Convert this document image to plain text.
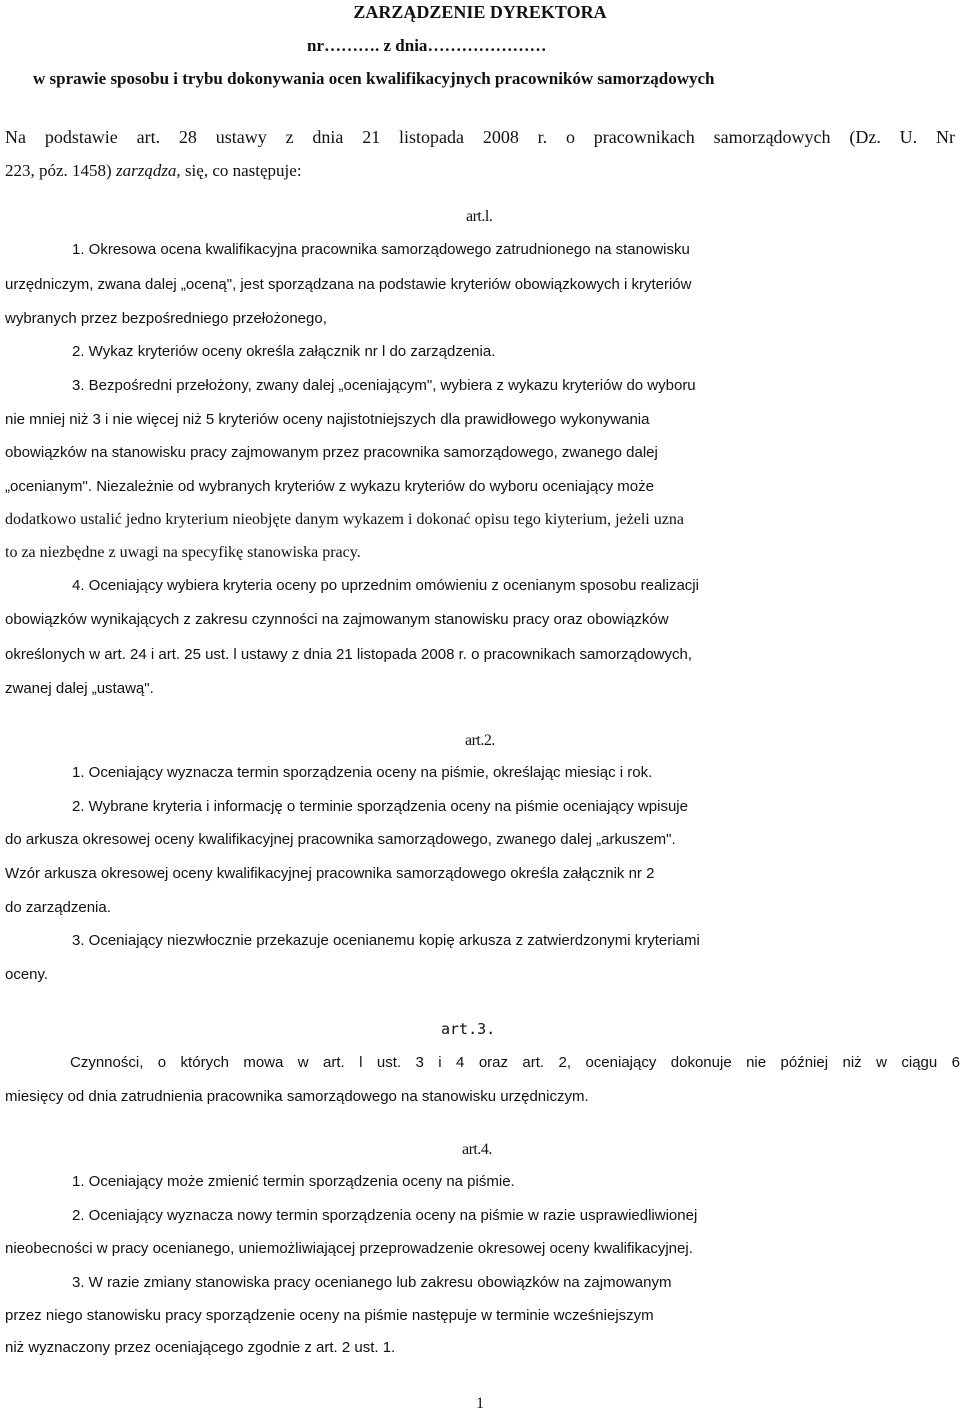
ZARZĄDZENIE DYREKTORA
nr………. z dnia…………………
w sprawie sposobu i trybu dokonywania ocen kwalifikacyjnych pracowników samorządowych
Na podstawie art. 28 ustawy z dnia 21 listopada 2008 r. o pracownikach samorządowych (Dz. U. Nr
223, póz. 1458) zarządza, się, co następuje:
art.l.
1. Okresowa ocena kwalifikacyjna pracownika samorządowego zatrudnionego na stanowisku
urzędniczym, zwana dalej „oceną", jest sporządzana na podstawie kryteriów obowiązkowych i kryteriów
wybranych przez bezpośredniego przełożonego,
2. Wykaz kryteriów oceny określa załącznik nr l do zarządzenia.
3. Bezpośredni przełożony, zwany dalej „oceniającym", wybiera z wykazu kryteriów do wyboru
nie mniej niż 3 i nie więcej niż 5 kryteriów oceny najistotniejszych dla prawidłowego wykonywania
obowiązków na stanowisku pracy zajmowanym przez pracownika samorządowego, zwanego dalej
„ocenianym". Niezależnie od wybranych kryteriów z wykazu kryteriów do wyboru oceniający może
dodatkowo ustalić jedno kryterium nieobjęte danym wykazem i dokonać opisu tego kiyterium, jeżeli uzna
to za niezbędne z uwagi na specyfikę stanowiska pracy.
4. Oceniający wybiera kryteria oceny po uprzednim omówieniu z ocenianym sposobu realizacji
obowiązków wynikających z zakresu czynności na zajmowanym stanowisku pracy oraz obowiązków
określonych w art. 24 i art. 25 ust. l ustawy z dnia 21 listopada 2008 r. o pracownikach samorządowych,
zwanej dalej „ustawą".
art.2.
1. Oceniający wyznacza termin sporządzenia oceny na piśmie, określając miesiąc i rok.
2. Wybrane kryteria i informację o terminie sporządzenia oceny na piśmie oceniający wpisuje
do arkusza okresowej oceny kwalifikacyjnej pracownika samorządowego, zwanego dalej „arkuszem".
Wzór arkusza okresowej oceny kwalifikacyjnej pracownika samorządowego określa załącznik nr 2
do zarządzenia.
3. Oceniający niezwłocznie przekazuje ocenianemu kopię arkusza z zatwierdzonymi kryteriami
oceny.
art.3.
Czynności, o których mowa w art. l ust. 3 i 4 oraz art. 2, oceniający dokonuje nie później niż w ciągu 6
miesięcy od dnia zatrudnienia pracownika samorządowego na stanowisku urzędniczym.
art.4.
1. Oceniający może zmienić termin sporządzenia oceny na piśmie.
2. Oceniający wyznacza nowy termin sporządzenia oceny na piśmie w razie usprawiedliwionej
nieobecności w pracy ocenianego, uniemożliwiającej przeprowadzenie okresowej oceny kwalifikacyjnej.
3. W razie zmiany stanowiska pracy ocenianego lub zakresu obowiązków na zajmowanym
przez niego stanowisku pracy sporządzenie oceny na piśmie następuje w terminie wcześniejszym
niż wyznaczony przez oceniającego zgodnie z art. 2 ust. 1.
1
